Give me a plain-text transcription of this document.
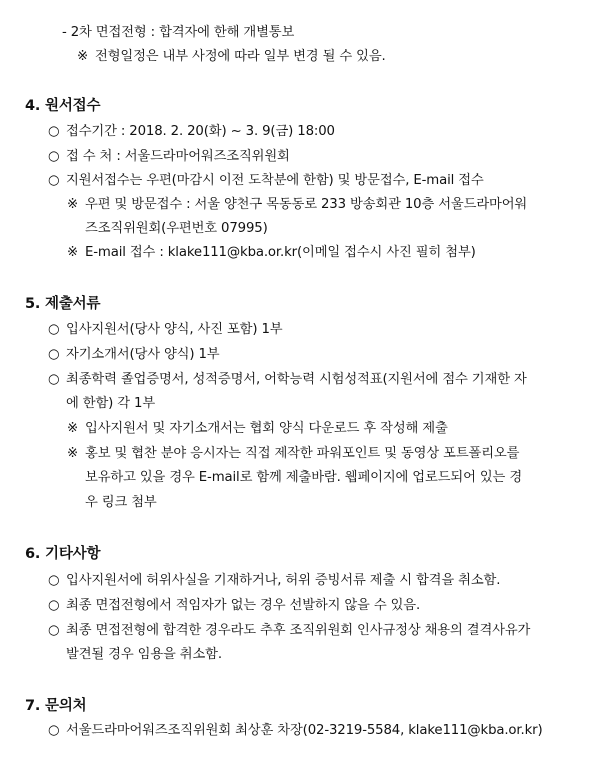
- 2차 면접전형 : 합격자에 한해 개별통보
※ 전형일정은 내부 사정에 따라 일부 변경 될 수 있음.
4. 원서접수
○ 접수기간 : 2018. 2. 20(화) ~ 3. 9(금) 18:00
○ 접 수 처 : 서울드라마어워즈조직위원회
○ 지원서접수는 우편(마감시 이전 도착분에 한함) 및 방문접수, E-mail 접수
※ 우편 및 방문접수 : 서울 양천구 목동동로 233 방송회관 10층 서울드라마어워
즈조직위원회(우편번호 07995)
※ E-mail 접수 : klake111@kba.or.kr(이메일 접수시 사진 필히 첨부)
5. 제출서류
○ 입사지원서(당사 양식, 사진 포함) 1부
○ 자기소개서(당사 양식) 1부
○ 최종학력 졸업증명서, 성적증명서, 어학능력 시험성적표(지원서에 점수 기재한 자
에 한함) 각 1부
※ 입사지원서 및 자기소개서는 협회 양식 다운로드 후 작성해 제출
※ 홍보 및 협찬 분야 응시자는 직접 제작한 파워포인트 및 동영상 포트폴리오를
보유하고 있을 경우 E-mail로 함께 제출바람. 웹페이지에 업로드되어 있는 경
우 링크 첨부
6. 기타사항
○ 입사지원서에 허위사실을 기재하거나, 허위 증빙서류 제출 시 합격을 취소함.
○ 최종 면접전형에서 적임자가 없는 경우 선발하지 않을 수 있음.
○ 최종 면접전형에 합격한 경우라도 추후 조직위원회 인사규정상 채용의 결격사유가
발견될 경우 임용을 취소함.
7. 문의처
○ 서울드라마어워즈조직위원회 최상훈 차장(02-3219-5584, klake111@kba.or.kr)
